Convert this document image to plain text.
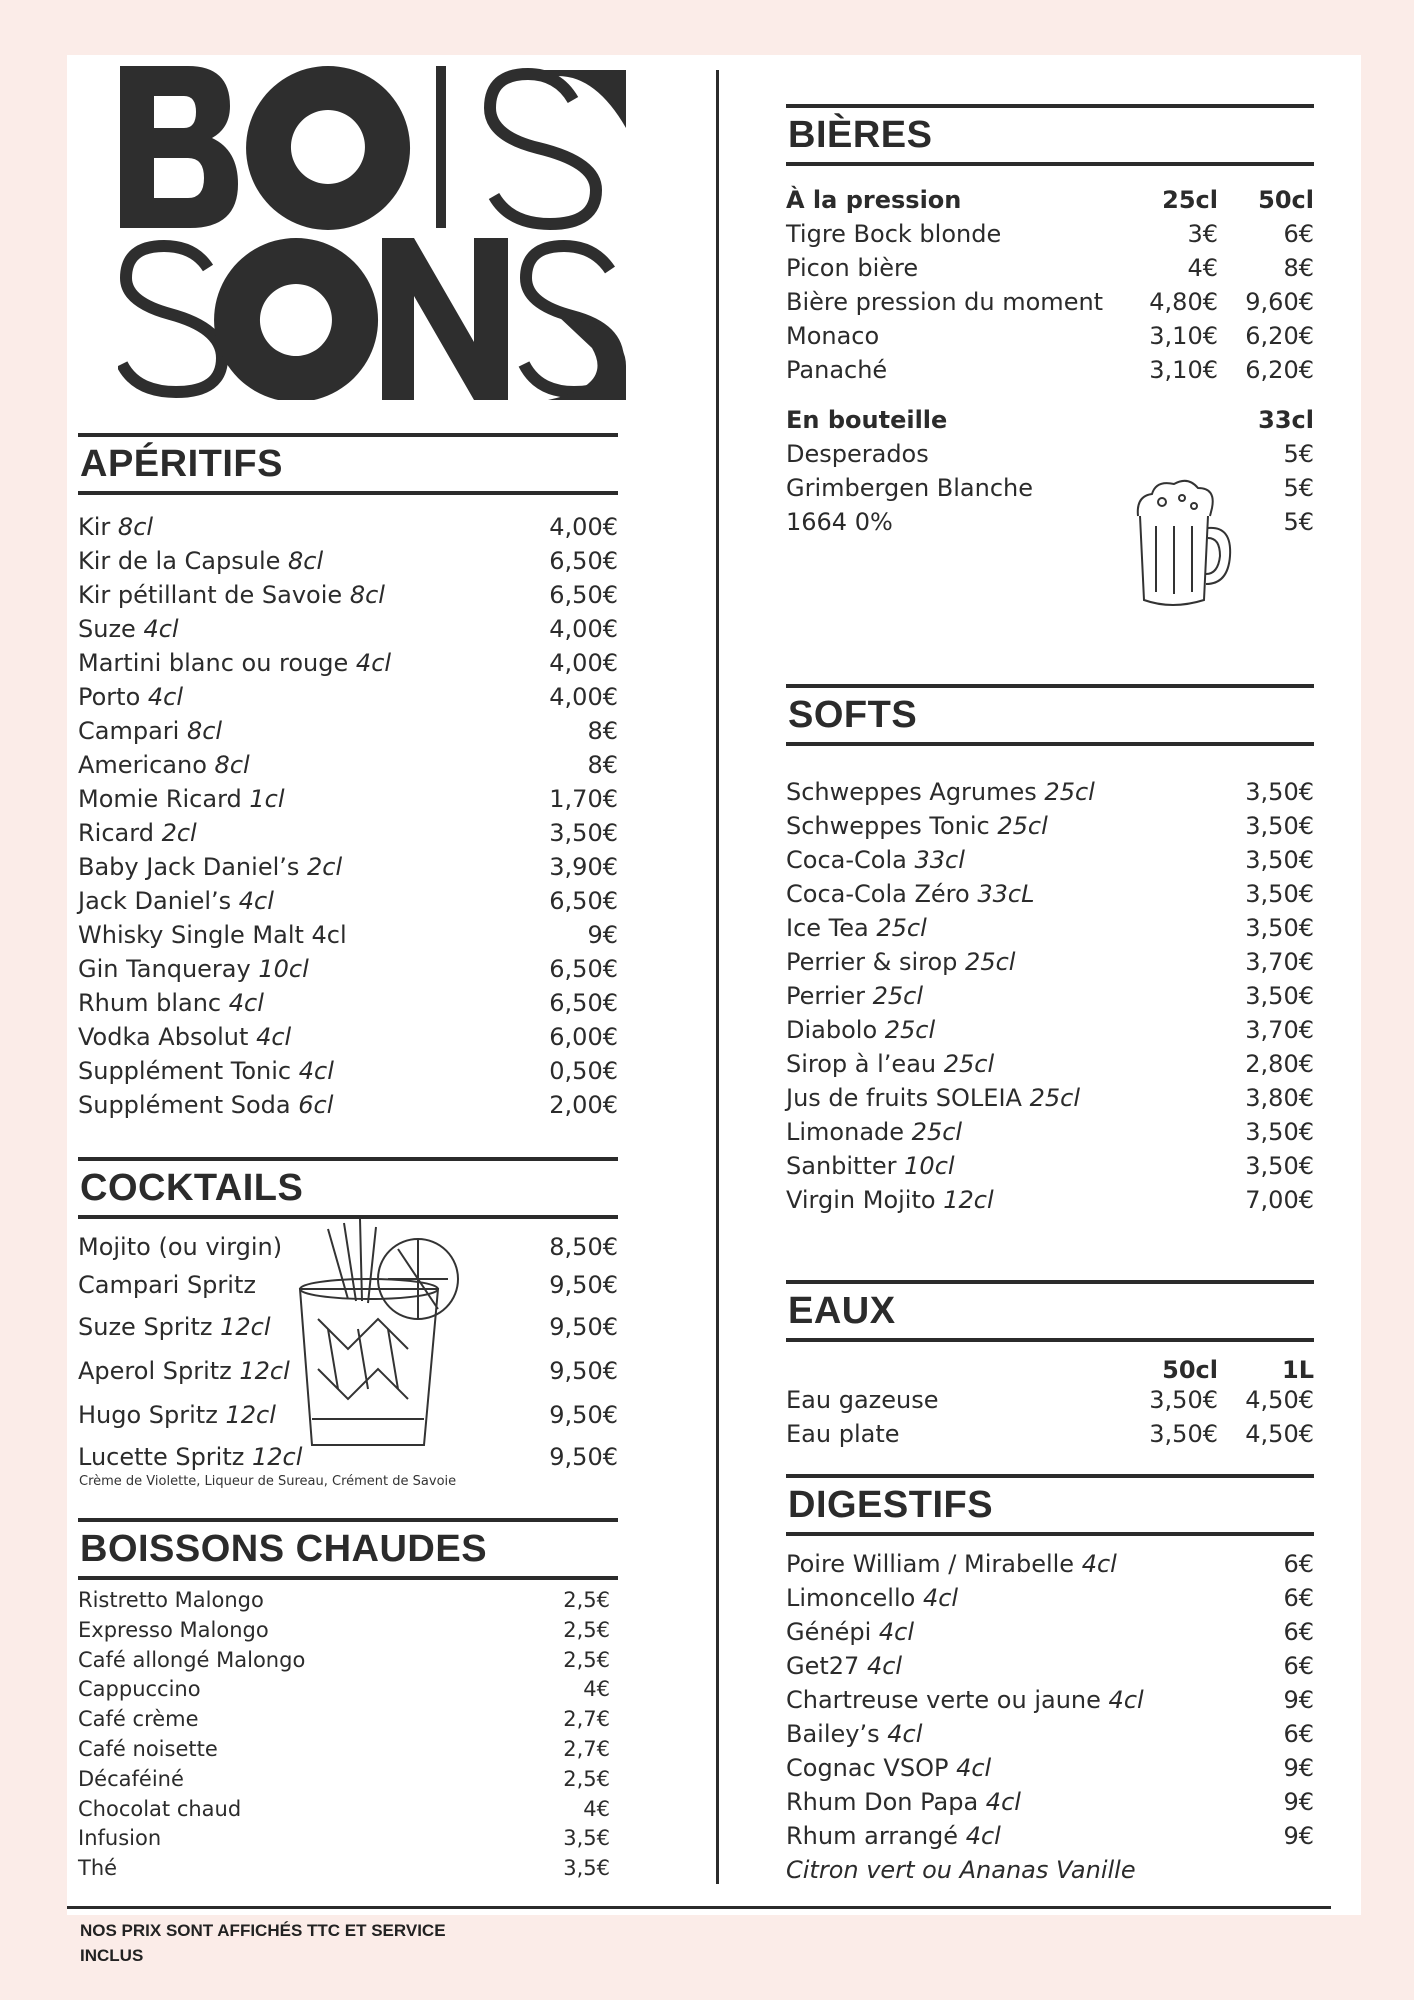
APÉRITIFS
Kir 8cl	4,00€
Kir de la Capsule 8cl	6,50€
Kir pétillant de Savoie 8cl	6,50€
Suze 4cl	4,00€
Martini blanc ou rouge 4cl	4,00€
Porto 4cl	4,00€
Campari 8cl	8€
Americano 8cl	8€
Momie Ricard 1cl	1,70€
Ricard 2cl	3,50€
Baby Jack Daniel’s 2cl	3,90€
Jack Daniel’s 4cl	6,50€
Whisky Single Malt 4cl	9€
Gin Tanqueray 10cl	6,50€
Rhum blanc 4cl	6,50€
Vodka Absolut 4cl	6,00€
Supplément Tonic 4cl	0,50€
Supplément Soda 6cl	2,00€
COCKTAILS
Mojito (ou virgin)	8,50€
Campari Spritz	9,50€
Suze Spritz 12cl	9,50€
Aperol Spritz 12cl	9,50€
Hugo Spritz 12cl	9,50€
Lucette Spritz 12cl	9,50€
Crème de Violette, Liqueur de Sureau, Crément de Savoie
BOISSONS CHAUDES
Ristretto Malongo	2,5€
Expresso Malongo	2,5€
Café allongé Malongo	2,5€
Cappuccino	4€
Café crème	2,7€
Café noisette	2,7€
Décaféiné	2,5€
Chocolat chaud	4€
Infusion	3,5€
Thé	3,5€
BIÈRES
À la pression	25cl	50cl
Tigre Bock blonde	3€	6€
Picon bière	4€	8€
Bière pression du moment	4,80€	9,60€
Monaco	3,10€	6,20€
Panaché	3,10€	6,20€
En bouteille	33cl
Desperados	5€
Grimbergen Blanche	5€
1664 0%	5€
SOFTS
Schweppes Agrumes 25cl	3,50€
Schweppes Tonic 25cl	3,50€
Coca-Cola 33cl	3,50€
Coca-Cola Zéro 33cL	3,50€
Ice Tea 25cl	3,50€
Perrier & sirop 25cl	3,70€
Perrier 25cl	3,50€
Diabolo 25cl	3,70€
Sirop à l’eau 25cl	2,80€
Jus de fruits SOLEIA 25cl	3,80€
Limonade 25cl	3,50€
Sanbitter 10cl	3,50€
Virgin Mojito 12cl	7,00€
EAUX
50cl	1L
Eau gazeuse	3,50€	4,50€
Eau plate	3,50€	4,50€
DIGESTIFS
Poire William / Mirabelle 4cl	6€
Limoncello 4cl	6€
Génépi 4cl	6€
Get27 4cl	6€
Chartreuse verte ou jaune 4cl	9€
Bailey’s 4cl	6€
Cognac VSOP 4cl	9€
Rhum Don Papa 4cl	9€
Rhum arrangé 4cl	9€
Citron vert ou Ananas Vanille
NOS PRIX SONT AFFICHÉS TTC ET SERVICE
INCLUS
